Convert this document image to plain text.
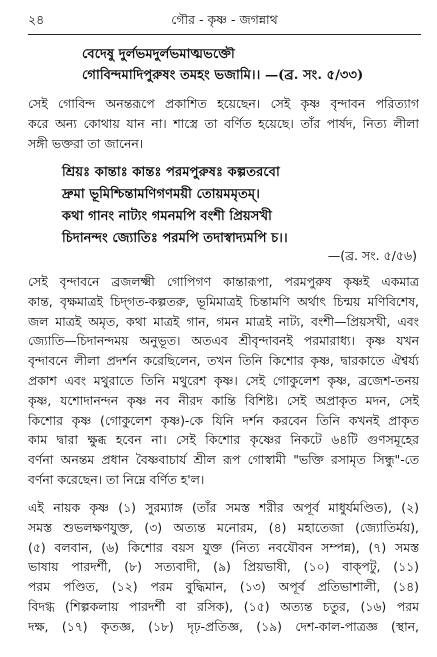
২৪	গৌর - কৃষ্ণ - জগন্নাথ
বেদেষু দুর্লভমদুর্লভমাত্মভক্তৌ
গোবিন্দমাদিপুরুষং তমহং ভজামি।। —(ব্র. সং. ৫/৩৩)
সেই গোবিন্দ অনন্তরূপে প্রকাশিত হয়েছেন। সেই কৃষ্ণ বৃন্দাবন পরিত্যাগ
করে অন্য কোথায় যান না। শাস্ত্রে তা বর্ণিত হয়েছে। তাঁর পার্ষদ, নিত্য লীলা
সঙ্গী ভক্তরা তা জানেন।
শ্রিয়ঃ কান্তাঃ কান্তঃ পরমপুরুষঃ কল্পতরবো
দ্রুমা ভূমিশ্চিন্তামণিগণময়ী তোয়মমৃতম্।
কথা গানং নাট্যং গমনমপি বংশী প্রিয়সখী
চিদানন্দং জ্যোতিঃ পরমপি তদাস্বাদ্যমপি চ।।
—(ব্র. সং. ৫/৫৬)
সেই বৃন্দাবনে ব্রজলক্ষ্মী গোপিগণ কান্তারূপা, পরমপুরুষ কৃষ্ণই একমাত্র
কান্ত, বৃক্ষমাত্রই চিদ্‌গত-কল্পতরু, ভূমিমাত্রই চিন্তামণি অর্থাৎ চিন্ময় মণিবিশেষ,
জল মাত্রই অমৃত, কথা মাত্রই গান, গমন মাত্রই নাট্য, বংশী—প্রিয়সখী, এবং
জ্যোতি—চিদানন্দময় অনুভূত। অতএব শ্রীবৃন্দাবনই পরমারাধ্য। কৃষ্ণ যখন
বৃন্দাবনে লীলা প্রদর্শন করেছিলেন, তখন তিনি কিশোর কৃষ্ণ, দ্বারকাতে ঐশ্বর্য্য
প্রকাশ এবং মথুরাতে তিনি মথুরেশ কৃষ্ণ। সেই গোকুলেশ কৃষ্ণ, ব্রজেশ-তনয়
কৃষ্ণ, যশোদানন্দন কৃষ্ণ নব নীরদ কান্তি বিশিষ্ট। সেই অপ্রাকৃত মদন, সেই
কিশোর কৃষ্ণ (গোকুলেশ কৃষ্ণ)-কে যিনি দর্শন করবেন তিনি কখনই প্রাকৃত
কাম দ্বারা ক্ষুব্ধ হবেন না। সেই কিশোর কৃষ্ণের নিকটে ৬৪টি গুণসমূহের
বর্ণনা অনন্তম প্রধান বৈষ্ণবাচার্য শ্রীল রূপ গোস্বামী "ভক্তি রসামৃত সিন্ধু"-তে
বর্ণনা করেছেন। তা নিম্নে বর্ণিত হ'ল।
এই নায়ক কৃষ্ণ (১) সুরম্যাঙ্গ (তাঁর সমস্ত শরীর অপূর্ব মাধুর্যমণ্ডিত), (২)
সমস্ত শুভলক্ষণযুক্ত, (৩) অত্যন্ত মনোরম, (৪) মহাতেজা (জ্যোতির্ময়),
(৫) বলবান, (৬) কিশোর বয়স যুক্ত (নিত্য নবযৌবন সম্পন্ন), (৭) সমস্ত
ভাষায় পারদর্শী, (৮) সত্যবাদী, (৯) প্রিয়ভাষী, (১০) বাক্‌পটু, (১১)
পরম পণ্ডিত, (১২) পরম বুদ্ধিমান, (১৩) অপূর্ব প্রতিভাশালী, (১৪)
বিদগ্ধ (শিল্পকলায় পারদর্শী বা রসিক), (১৫) অত্যন্ত চতুর, (১৬) পরম
দক্ষ, (১৭) কৃতজ্ঞ, (১৮) দৃঢ়-প্রতিজ্ঞ, (১৯) দেশ-কাল-পাত্রজ্ঞ (স্থান,
